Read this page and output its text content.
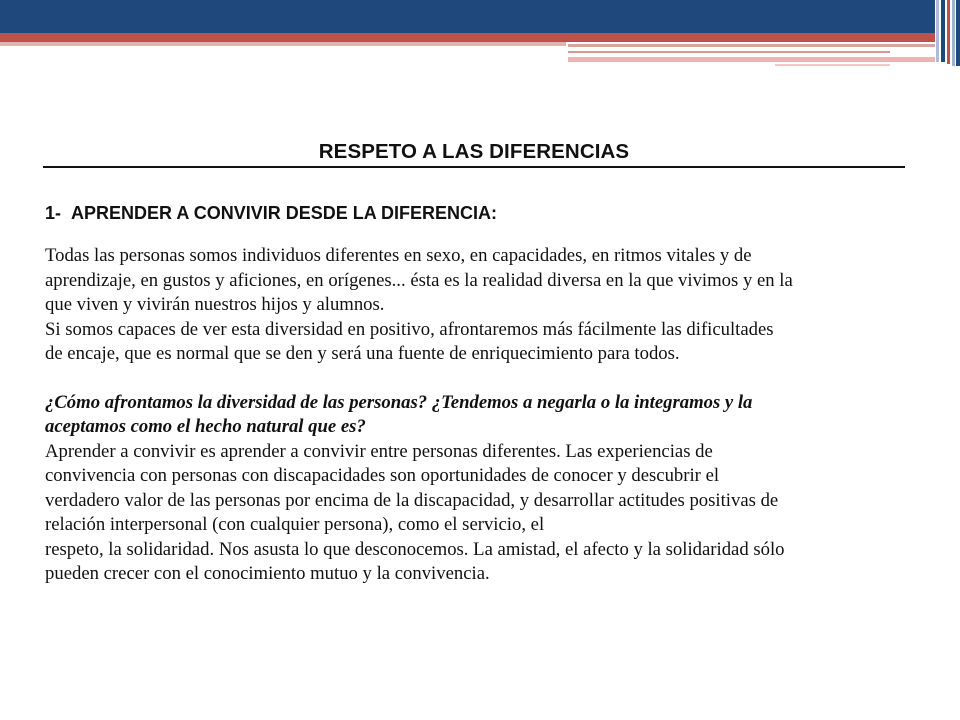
RESPETO A LAS DIFERENCIAS
1- APRENDER A CONVIVIR DESDE LA DIFERENCIA:
Todas las personas somos individuos diferentes en sexo, en capacidades, en ritmos vitales y de
aprendizaje, en gustos y aficiones, en orígenes... ésta es la realidad diversa en la que vivimos y en la
que viven y vivirán nuestros hijos y alumnos.
Si somos capaces de ver esta diversidad en positivo, afrontaremos más fácilmente las dificultades
de encaje, que es normal que se den y será una fuente de enriquecimiento para todos.
¿Cómo afrontamos la diversidad de las personas? ¿Tendemos a negarla o la integramos y la
aceptamos como el hecho natural que es?
Aprender a convivir es aprender a convivir entre personas diferentes. Las experiencias de
convivencia con personas con discapacidades son oportunidades de conocer y descubrir el
verdadero valor de las personas por encima de la discapacidad, y desarrollar actitudes positivas de
relación interpersonal (con cualquier persona), como el servicio, el
respeto, la solidaridad. Nos asusta lo que desconocemos. La amistad, el afecto y la solidaridad sólo
pueden crecer con el conocimiento mutuo y la convivencia.
